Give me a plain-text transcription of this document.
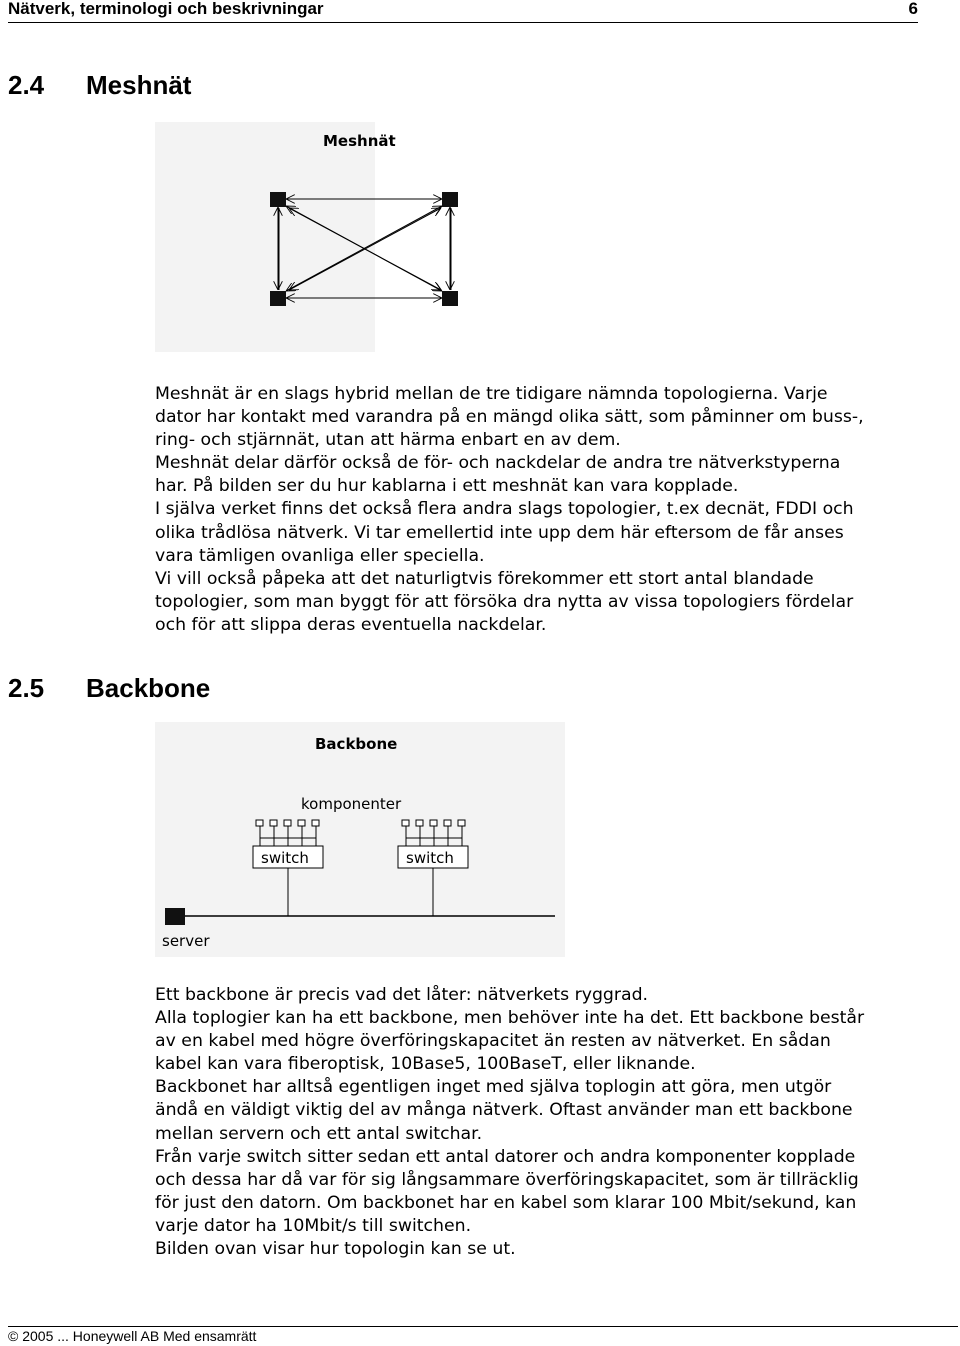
Nätverk, terminologi och beskrivningar	6
2.4 Meshnät
Meshnät
Meshnät är en slags hybrid mellan de tre tidigare nämnda topologierna. Varje
dator har kontakt med varandra på en mängd olika sätt, som påminner om buss-,
ring- och stjärnnät, utan att härma enbart en av dem.
Meshnät delar därför också de för- och nackdelar de andra tre nätverkstyperna
har. På bilden ser du hur kablarna i ett meshnät kan vara kopplade.
I själva verket finns det också flera andra slags topologier, t.ex decnät, FDDI och
olika trådlösa nätverk. Vi tar emellertid inte upp dem här eftersom de får anses
vara tämligen ovanliga eller speciella.
Vi vill också påpeka att det naturligtvis förekommer ett stort antal blandade
topologier, som man byggt för att försöka dra nytta av vissa topologiers fördelar
och för att slippa deras eventuella nackdelar.
2.5 Backbone
Backbone
komponenter
switch	switch
server
Ett backbone är precis vad det låter: nätverkets ryggrad.
Alla toplogier kan ha ett backbone, men behöver inte ha det. Ett backbone består
av en kabel med högre överföringskapacitet än resten av nätverket. En sådan
kabel kan vara fiberoptisk, 10Base5, 100BaseT, eller liknande.
Backbonet har alltså egentligen inget med själva toplogin att göra, men utgör
ändå en väldigt viktig del av många nätverk. Oftast använder man ett backbone
mellan servern och ett antal switchar.
Från varje switch sitter sedan ett antal datorer och andra komponenter kopplade
och dessa har då var för sig långsammare överföringskapacitet, som är tillräcklig
för just den datorn. Om backbonet har en kabel som klarar 100 Mbit/sekund, kan
varje dator ha 10Mbit/s till switchen.
Bilden ovan visar hur topologin kan se ut.
© 2005 ... Honeywell AB Med ensamrätt
